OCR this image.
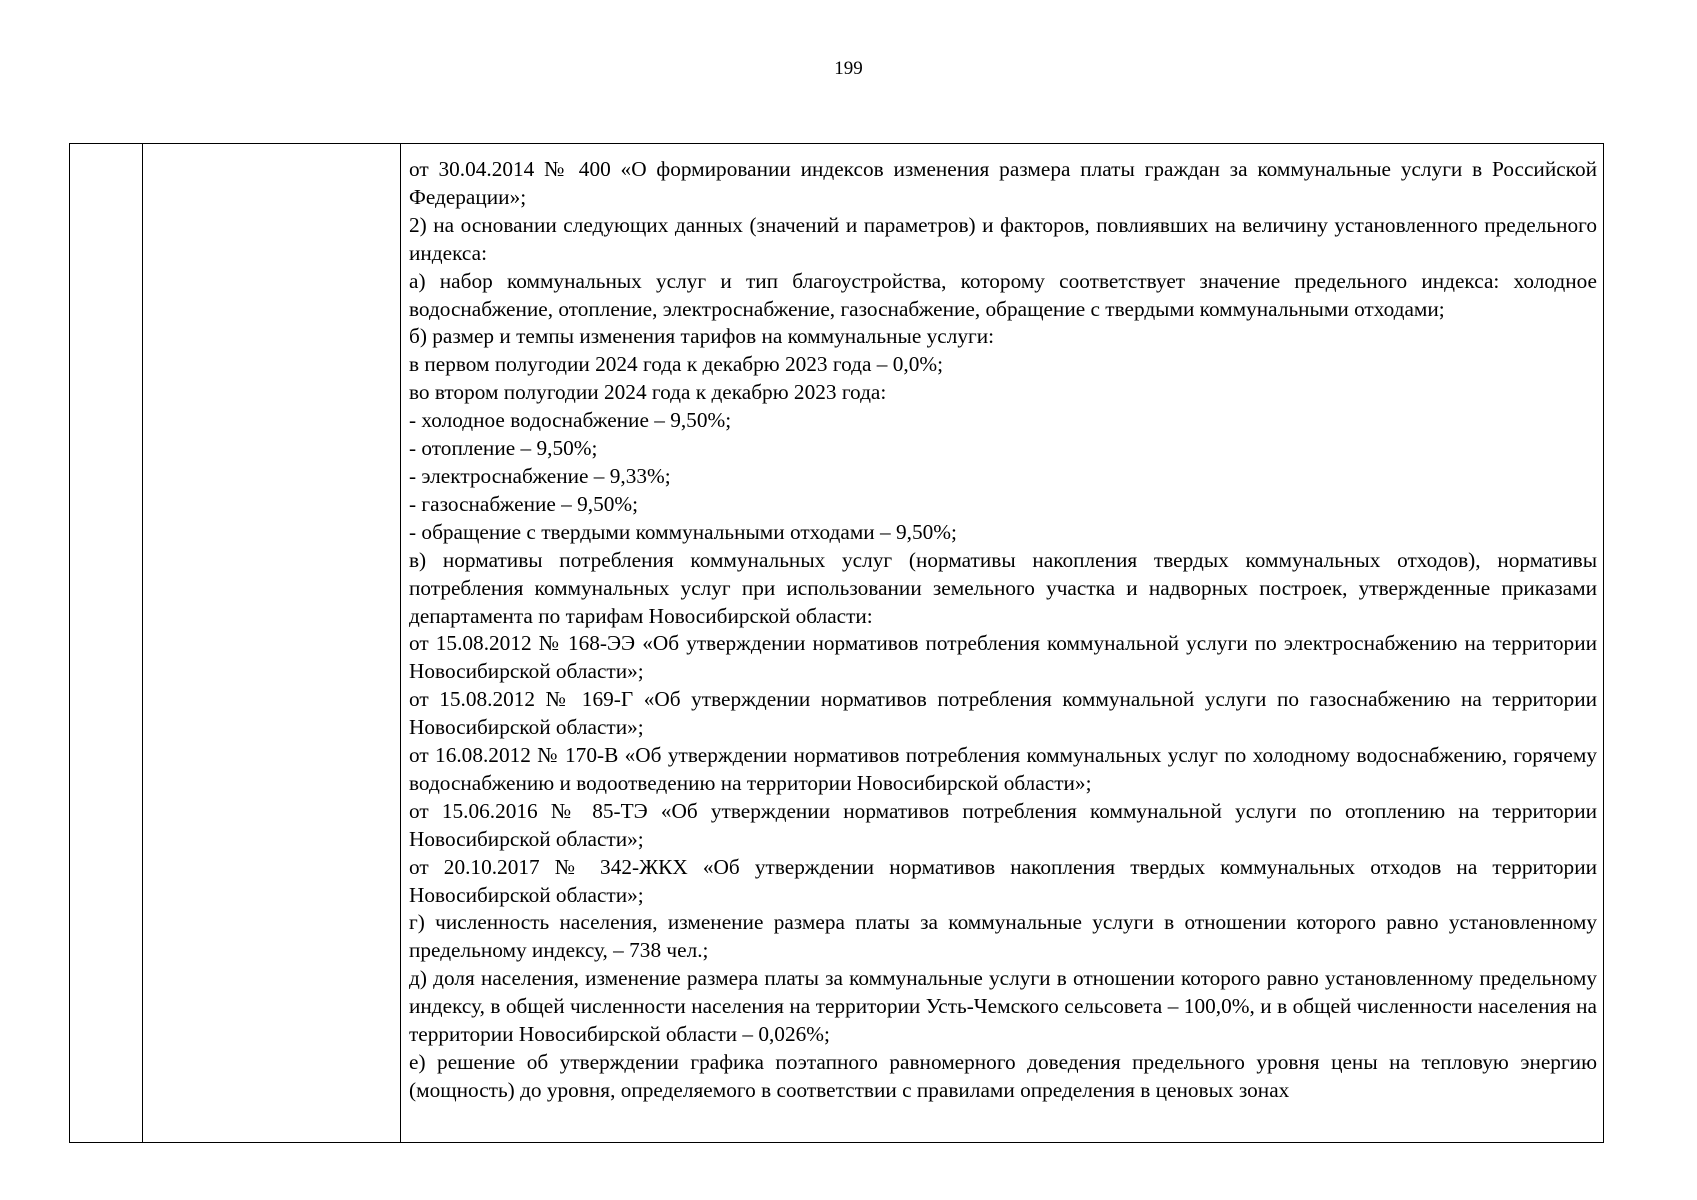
199

от 30.04.2014 № 400 «О формировании индексов изменения размера платы граждан за коммунальные услуги в Российской Федерации»;

2) на основании следующих данных (значений и параметров) и факторов, повлиявших на величину установленного предельного индекса:

а) набор коммунальных услуг и тип благоустройства, которому соответствует значение предельного индекса: холодное водоснабжение, отопление, электроснабжение, газоснабжение, обращение с твердыми коммунальными отходами;

б) размер и темпы изменения тарифов на коммунальные услуги:

в первом полугодии 2024 года к декабрю 2023 года – 0,0%;

во втором полугодии 2024 года к декабрю 2023 года:

- холодное водоснабжение – 9,50%;

- отопление – 9,50%;

- электроснабжение – 9,33%;

- газоснабжение – 9,50%;

- обращение с твердыми коммунальными отходами – 9,50%;

в) нормативы потребления коммунальных услуг (нормативы накопления твердых коммунальных отходов), нормативы потребления коммунальных услуг при использовании земельного участка и надворных построек, утвержденные приказами департамента по тарифам Новосибирской области:

от 15.08.2012 № 168-ЭЭ «Об утверждении нормативов потребления коммунальной услуги по электроснабжению на территории Новосибирской области»;

от 15.08.2012 № 169-Г «Об утверждении нормативов потребления коммунальной услуги по газоснабжению на территории Новосибирской области»;

от 16.08.2012 № 170-В «Об утверждении нормативов потребления коммунальных услуг по холодному водоснабжению, горячему водоснабжению и водоотведению на территории Новосибирской области»;

от 15.06.2016 № 85-ТЭ «Об утверждении нормативов потребления коммунальной услуги по отоплению на территории Новосибирской области»;

от 20.10.2017 № 342-ЖКХ «Об утверждении нормативов накопления твердых коммунальных отходов на территории Новосибирской области»;

г) численность населения, изменение размера платы за коммунальные услуги в отношении которого равно установленному предельному индексу, – 738 чел.;

д) доля населения, изменение размера платы за коммунальные услуги в отношении которого равно установленному предельному индексу, в общей численности населения на территории Усть-Чемского сельсовета – 100,0%, и в общей численности населения на территории Новосибирской области – 0,026%;

е) решение об утверждении графика поэтапного равномерного доведения предельного уровня цены на тепловую энергию (мощность) до уровня, определяемого в соответствии с правилами определения в ценовых зонах
